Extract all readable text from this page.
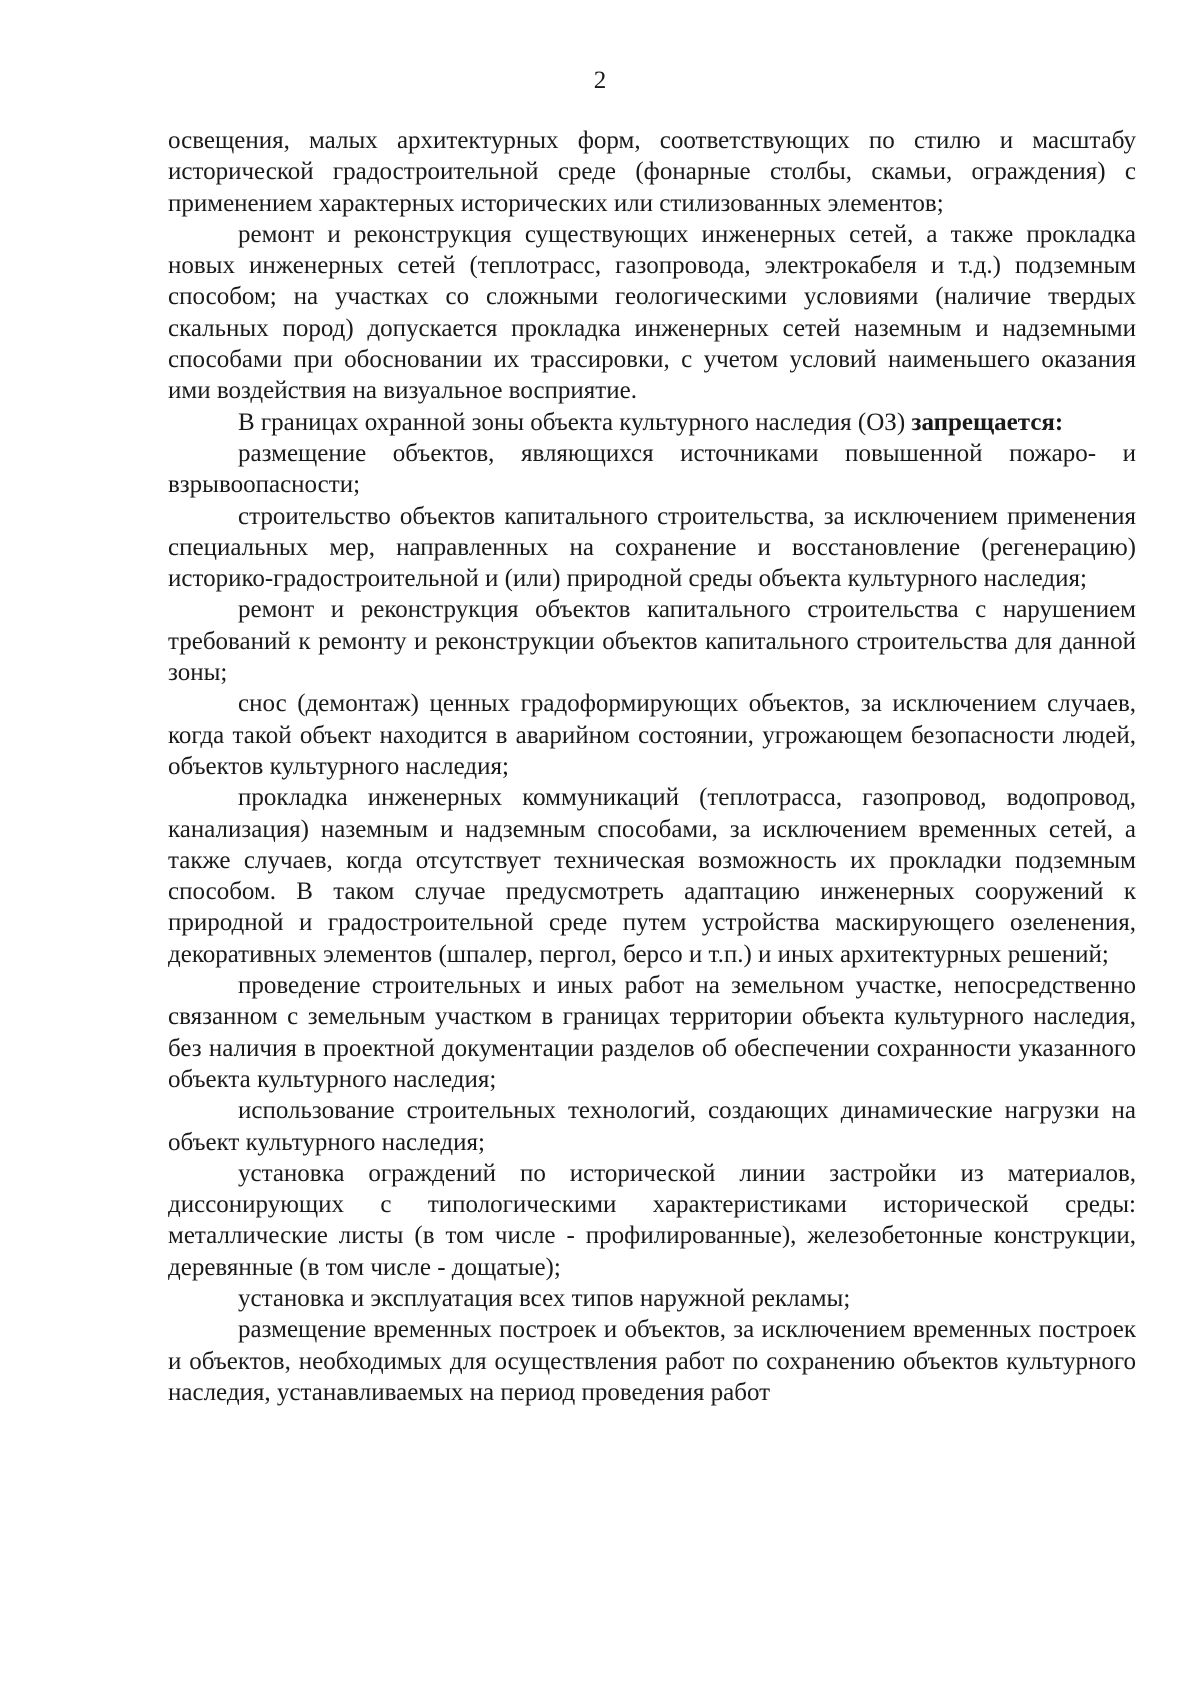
2

освещения, малых архитектурных форм, соответствующих по стилю и масштабу исторической градостроительной среде (фонарные столбы, скамьи, ограждения) с применением характерных исторических или стилизованных элементов;

ремонт и реконструкция существующих инженерных сетей, а также прокладка новых инженерных сетей (теплотрасс, газопровода, электрокабеля и т.д.) подземным способом; на участках со сложными геологическими условиями (наличие твердых скальных пород) допускается прокладка инженерных сетей наземным и надземными способами при обосновании их трассировки, с учетом условий наименьшего оказания ими воздействия на визуальное восприятие.

В границах охранной зоны объекта культурного наследия (ОЗ) запрещается:

размещение объектов, являющихся источниками повышенной пожаро- и взрывоопасности;

строительство объектов капитального строительства, за исключением применения специальных мер, направленных на сохранение и восстановление (регенерацию) историко-градостроительной и (или) природной среды объекта культурного наследия;

ремонт и реконструкция объектов капитального строительства с нарушением требований к ремонту и реконструкции объектов капитального строительства для данной зоны;

снос (демонтаж) ценных градоформирующих объектов, за исключением случаев, когда такой объект находится в аварийном состоянии, угрожающем безопасности людей, объектов культурного наследия;

прокладка инженерных коммуникаций (теплотрасса, газопровод, водопровод, канализация) наземным и надземным способами, за исключением временных сетей, а также случаев, когда отсутствует техническая возможность их прокладки подземным способом. В таком случае предусмотреть адаптацию инженерных сооружений к природной и градостроительной среде путем устройства маскирующего озеленения, декоративных элементов (шпалер, пергол, берсо и т.п.) и иных архитектурных решений;

проведение строительных и иных работ на земельном участке, непосредственно связанном с земельным участком в границах территории объекта культурного наследия, без наличия в проектной документации разделов об обеспечении сохранности указанного объекта культурного наследия;

использование строительных технологий, создающих динамические нагрузки на объект культурного наследия;

установка ограждений по исторической линии застройки из материалов, диссонирующих с типологическими характеристиками исторической среды: металлические листы (в том числе - профилированные), железобетонные конструкции, деревянные (в том числе - дощатые);

установка и эксплуатация всех типов наружной рекламы;

размещение временных построек и объектов, за исключением временных построек и объектов, необходимых для осуществления работ по сохранению объектов культурного наследия, устанавливаемых на период проведения работ
